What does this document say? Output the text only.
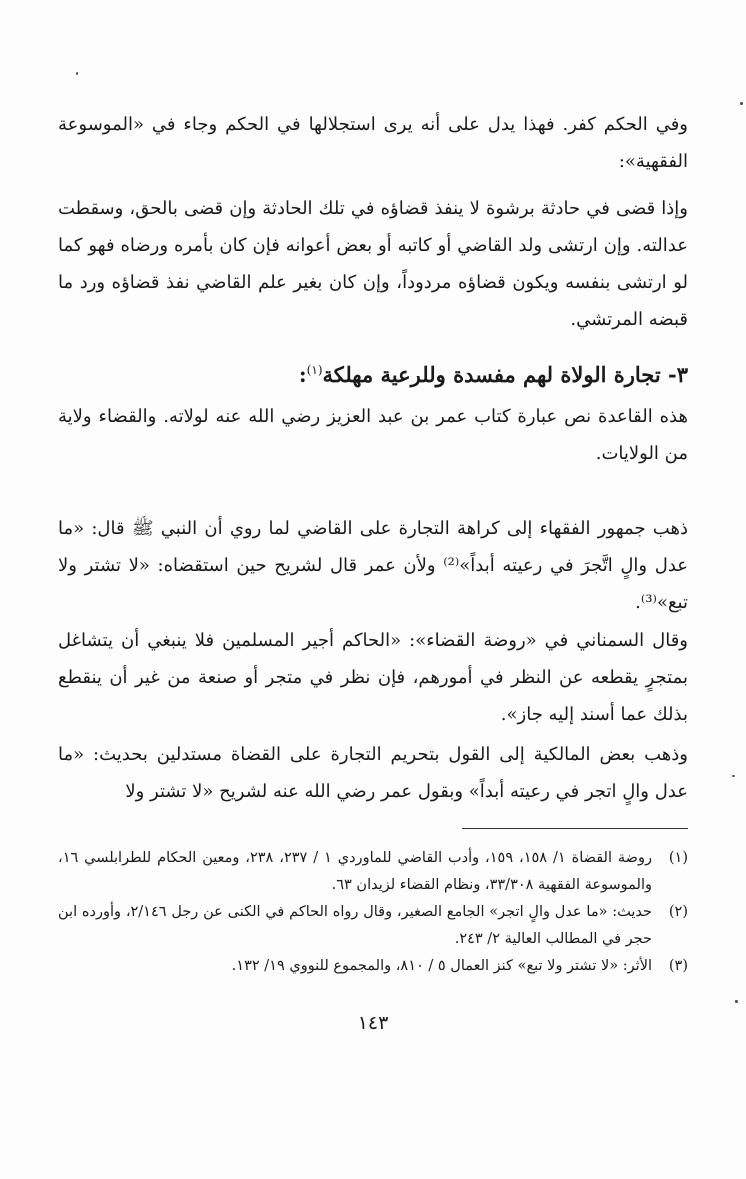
وفي الحكم كفر. فهذا يدل على أنه يرى استجلالها في الحكم وجاء في «الموسوعة الفقهية»:
وإذا قضى في حادثة برشوة لا ينفذ قضاؤه في تلك الحادثة وإن قضى بالحق، وسقطت عدالته. وإن ارتشى ولد القاضي أو كاتبه أو بعض أعوانه فإن كان بأمره ورضاه فهو كما لو ارتشى بنفسه ويكون قضاؤه مردوداً، وإن كان بغير علم القاضي نفذ قضاؤه ورد ما قبضه المرتشي.
٣- تجارة الولاة لهم مفسدة وللرعية مهلكة$^{(١)}$:
هذه القاعدة نص عبارة كتاب عمر بن عبد العزيز رضي الله عنه لولاته. والقضاء ولاية من الولايات.
ذهب جمهور الفقهاء إلى كراهة التجارة على القاضي لما روي أن النبي ﷺ قال: «ما عدل والٍ اتَّجرَ في رعيته أبداً»⁽²⁾ ولأن عمر قال لشريح حين استقضاه: «لا تشتر ولا تبع»⁽³⁾.
وقال السمناني في «روضة القضاء»: «الحاكم أجير المسلمين فلا ينبغي أن يتشاغل بمتجرٍ يقطعه عن النظر في أمورهم، فإن نظر في متجر أو صنعة من غير أن ينقطع بذلك عما أسند إليه جاز».
وذهب بعض المالكية إلى القول بتحريم التجارة على القضاة مستدلين بحديث: «ما عدل والٍ اتجر في رعيته أبداً» وبقول عمر رضي الله عنه لشريح «لا تشتر ولا
(١)
روضة القضاة ١/ ١٥٨، ١٥٩، وأدب القاضي للماوردي ١ / ٢٣٧، ٢٣٨، ومعين الحكام للطرابلسي ١٦، والموسوعة الفقهية ٣٣/٣٠٨، ونظام القضاء لزيدان ٦٣.
(٢)
حديث: «ما عدل والٍ اتجر» الجامع الصغير، وقال رواه الحاكم في الكنى عن رجل ٢/١٤٦، وأورده ابن حجر في المطالب العالية ٢/ ٢٤٣.
(٣)
الأثر: «لا تشتر ولا تبع» كنز العمال ٥ / ٨١٠، والمجموع للنووي ١٩/ ١٣٢.
١٤٣
